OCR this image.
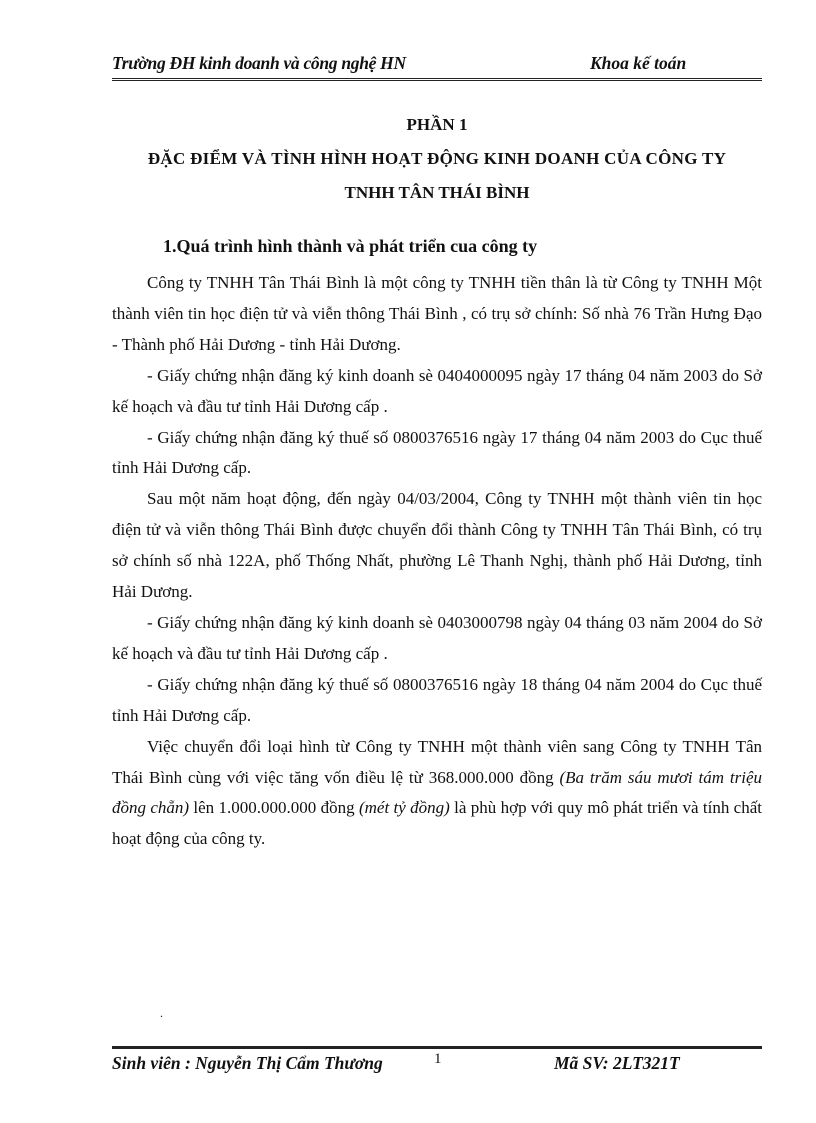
Trường ĐH kinh doanh và công nghệ HN	Khoa kế toán
PHẦN 1
ĐẶC ĐIỂM VÀ TÌNH HÌNH HOẠT ĐỘNG KINH DOANH CỦA CÔNG TY
TNHH TÂN THÁI BÌNH
1.Quá trình hình thành và phát triển cua công ty

Công ty TNHH Tân Thái Bình là một công ty TNHH tiền thân là từ Công ty TNHH Một thành viên tin học điện tử và viễn thông Thái Bình , có trụ sở chính: Số nhà 76 Trần Hưng Đạo - Thành phố Hải Dương - tỉnh Hải Dương.

- Giấy chứng nhận đăng ký kinh doanh sè 0404000095 ngày 17 tháng 04 năm 2003 do Sở kế hoạch và đầu tư tỉnh Hải Dương cấp .

- Giấy chứng nhận đăng ký thuế số 0800376516 ngày 17 tháng 04 năm 2003 do Cục thuế tỉnh Hải Dương cấp.

Sau một năm hoạt động, đến ngày 04/03/2004, Công ty TNHH một thành viên tin học điện tử và viễn thông Thái Bình được chuyển đổi thành Công ty TNHH Tân Thái Bình, có trụ sở chính số nhà 122A, phố Thống Nhất, phường Lê Thanh Nghị, thành phố Hải Dương, tỉnh Hải Dương.

- Giấy chứng nhận đăng ký kinh doanh sè 0403000798 ngày 04 tháng 03 năm 2004 do Sở kế hoạch và đầu tư tỉnh Hải Dương cấp .

- Giấy chứng nhận đăng ký thuế số 0800376516 ngày 18 tháng 04 năm 2004 do Cục thuế tỉnh Hải Dương cấp.

Việc chuyển đổi loại hình từ Công ty TNHH một thành viên sang Công ty TNHH Tân Thái Bình cùng với việc tăng vốn điều lệ từ 368.000.000 đồng (Ba trăm sáu mươi tám triệu đồng chẵn) lên 1.000.000.000 đồng (mét tỷ đồng) là phù hợp với quy mô phát triển và tính chất hoạt động của công ty.

.
Sinh viên : Nguyễn Thị Cẩm Thương	1	Mã SV: 2LT321T
